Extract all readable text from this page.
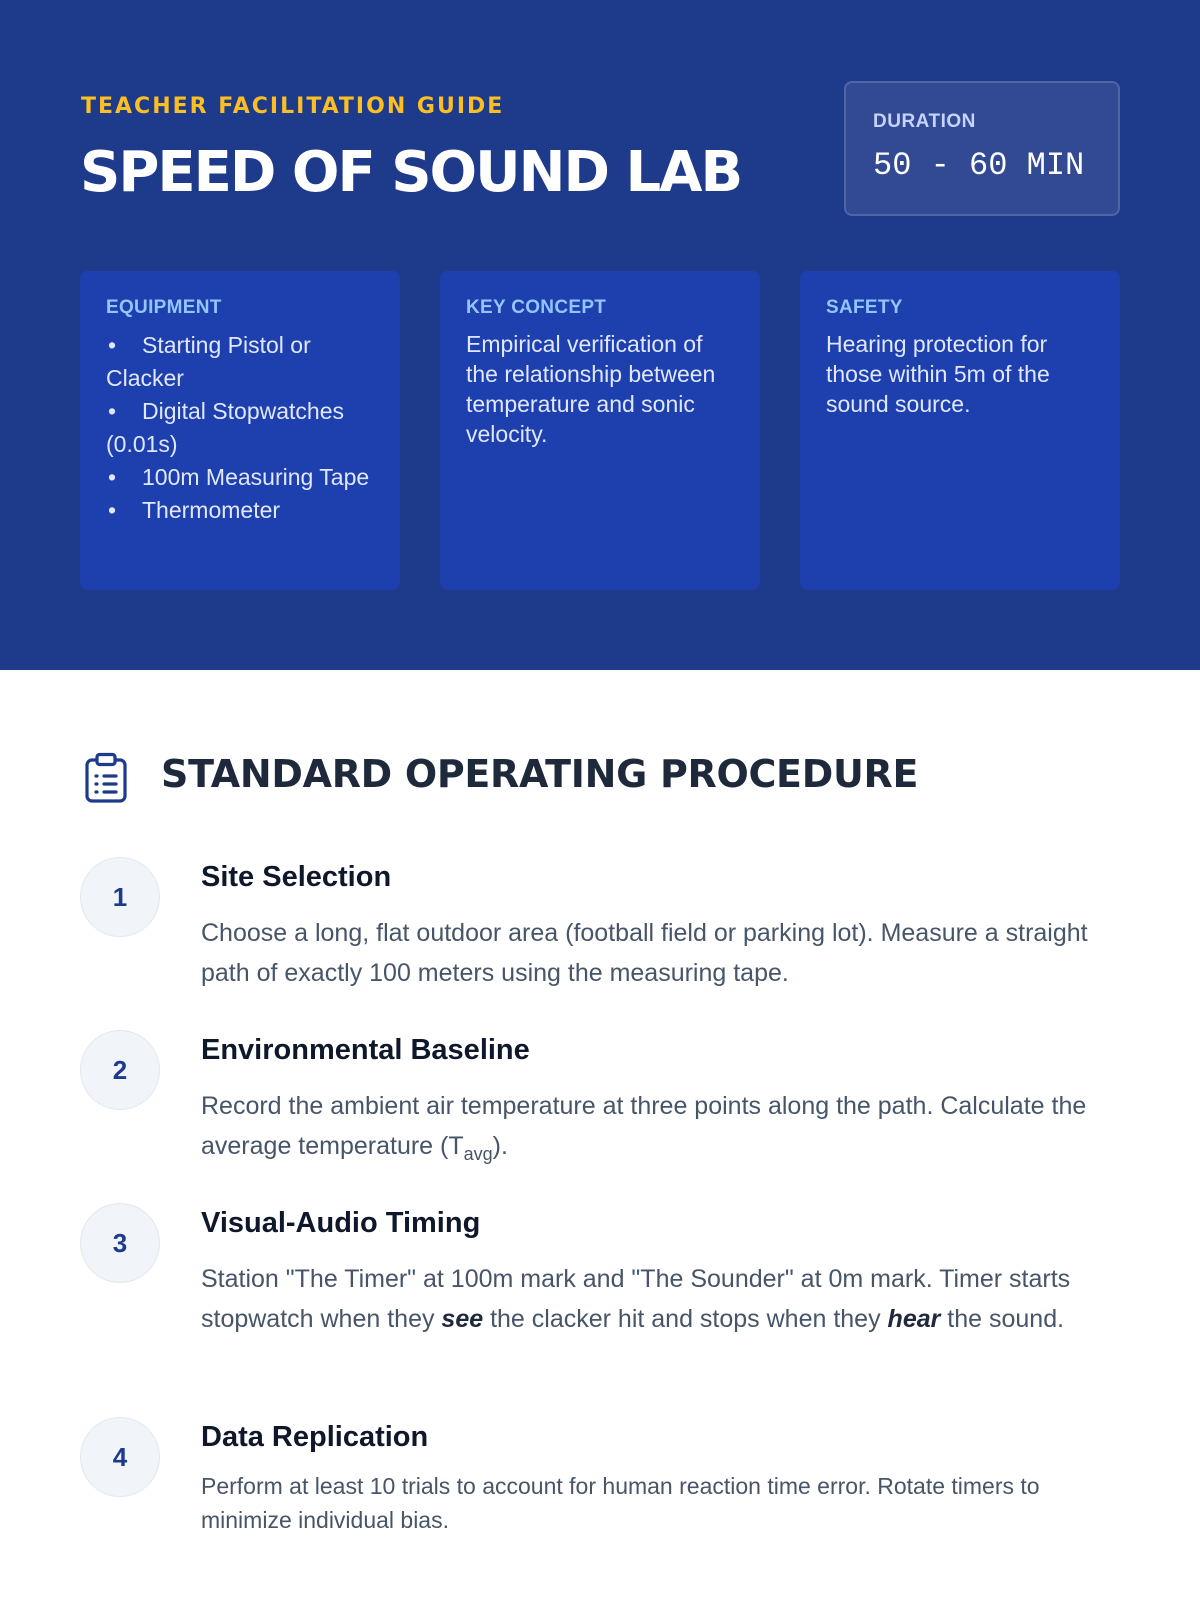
TEACHER FACILITATION GUIDE
SPEED OF SOUND LAB
DURATION
50 - 60 MIN
EQUIPMENT
• Starting Pistol or Clacker
• Digital Stopwatches (0.01s)
• 100m Measuring Tape
• Thermometer
KEY CONCEPT
Empirical verification of the relationship between temperature and sonic velocity.
SAFETY
Hearing protection for those within 5m of the sound source.
STANDARD OPERATING PROCEDURE
1
Site Selection
Choose a long, flat outdoor area (football field or parking lot). Measure a straight path of exactly 100 meters using the measuring tape.
2
Environmental Baseline
Record the ambient air temperature at three points along the path. Calculate the average temperature $(T_{avg})$.
3
Visual-Audio Timing
Station "The Timer" at 100m mark and "The Sounder" at 0m mark. Timer starts stopwatch when they see the clacker hit and stops when they hear the sound.
4
Data Replication
Perform at least 10 trials to account for human reaction time error. Rotate timers to minimize individual bias.
